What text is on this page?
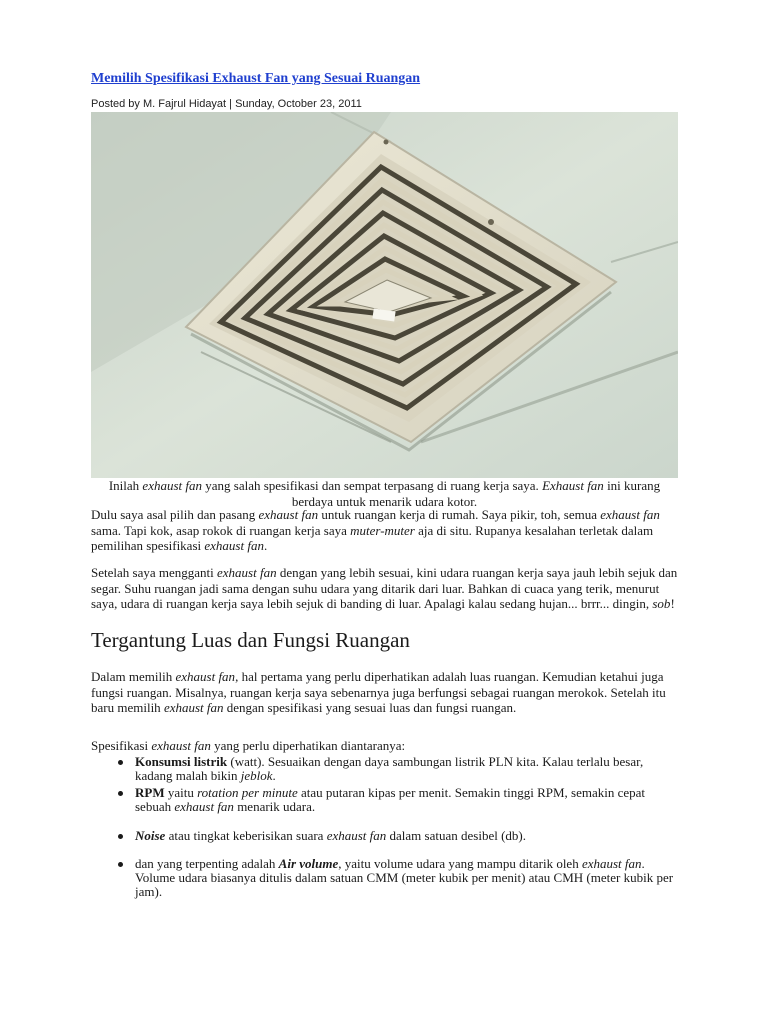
Memilih Spesifikasi Exhaust Fan yang Sesuai Ruangan
Posted by M. Fajrul Hidayat | Sunday, October 23, 2011
Inilah exhaust fan yang salah spesifikasi dan sempat terpasang di ruang kerja saya. Exhaust fan ini kurang berdaya untuk menarik udara kotor.

Dulu saya asal pilih dan pasang exhaust fan untuk ruangan kerja di rumah. Saya pikir, toh, semua exhaust fan sama. Tapi kok, asap rokok di ruangan kerja saya muter-muter aja di situ. Rupanya kesalahan terletak dalam pemilihan spesifikasi exhaust fan.

Setelah saya mengganti exhaust fan dengan yang lebih sesuai, kini udara ruangan kerja saya jauh lebih sejuk dan segar. Suhu ruangan jadi sama dengan suhu udara yang ditarik dari luar. Bahkan di cuaca yang terik, menurut saya, udara di ruangan kerja saya lebih sejuk di banding di luar. Apalagi kalau sedang hujan... brrr... dingin, sob!

Tergantung Luas dan Fungsi Ruangan

Dalam memilih exhaust fan, hal pertama yang perlu diperhatikan adalah luas ruangan. Kemudian ketahui juga fungsi ruangan. Misalnya, ruangan kerja saya sebenarnya juga berfungsi sebagai ruangan merokok. Setelah itu baru memilih exhaust fan dengan spesifikasi yang sesuai luas dan fungsi ruangan.

Spesifikasi exhaust fan yang perlu diperhatikan diantaranya:

Konsumsi listrik (watt). Sesuaikan dengan daya sambungan listrik PLN kita. Kalau terlalu besar, kadang malah bikin jeblok.
RPM yaitu rotation per minute atau putaran kipas per menit. Semakin tinggi RPM, semakin cepat sebuah exhaust fan menarik udara.
Noise atau tingkat keberisikan suara exhaust fan dalam satuan desibel (db).
dan yang terpenting adalah Air volume, yaitu volume udara yang mampu ditarik oleh exhaust fan. Volume udara biasanya ditulis dalam satuan CMM (meter kubik per menit) atau CMH (meter kubik per jam).
